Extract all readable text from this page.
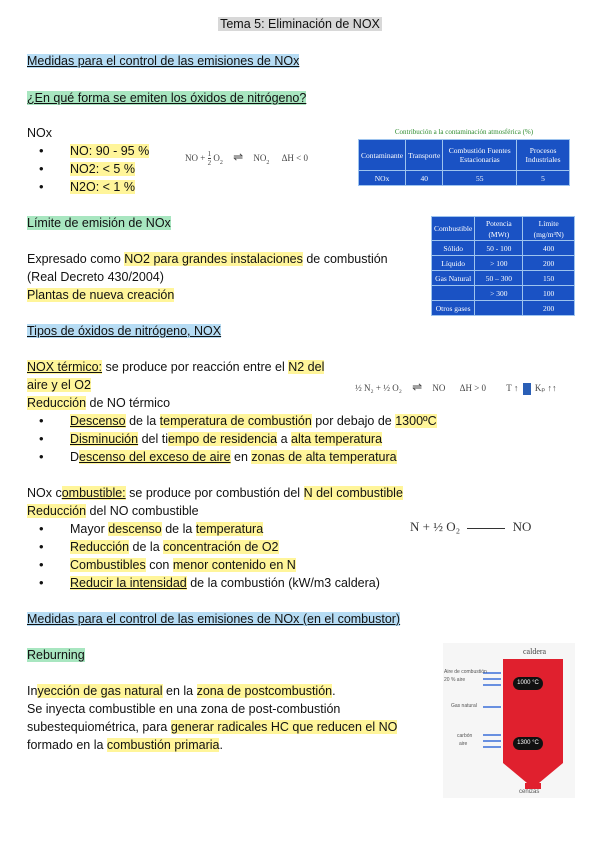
Tema 5: Eliminación de NOX
Medidas para el control de las emisiones de NOx
¿En qué forma se emiten los óxidos de nitrógeno?
NOx
• NO: 90 - 95 %
• NO2: < 5 %
• N2O: < 1 %
NO + $\frac{1}{2} O_2$ ⇌ $NO_2$ ΔH < 0
Contribución a la contaminación atmosférica (%)
Contaminante	Transporte	Combustión Fuentes Estacionarias	Procesos Industriales
NOx	40	55	5
Límite de emisión de NOx
Expresado como NO2 para grandes instalaciones de combustión
(Real Decreto 430/2004)
Plantas de nueva creación
Combustible	Potencia (MWt)	Límite (mg/m³N)
Sólido	50 - 100	400
Líquido	> 100	200
Gas Natural	50 – 300	150
	> 300	100
Otros gases		200
Tipos de óxidos de nitrógeno, NOX
NOX térmico: se produce por reacción entre el N2 del
aire y el O2
Reducción de NO térmico
• Descenso de la temperatura de combustión por debajo de 1300ºC
• Disminución del tiempo de residencia a alta temperatura
• Descenso del exceso de aire en zonas de alta temperatura
½ N₂ + ½ O₂ ⇌ NO ΔH > 0 T ↑ Kₚ ↑↑
NOx combustible: se produce por combustión del N del combustible
Reducción del NO combustible
• Mayor descenso de la temperatura
• Reducción de la concentración de O2
• Combustibles con menor contenido en N
• Reducir la intensidad de la combustión (kW/m3 caldera)
N + ½ O₂	NO
Medidas para el control de las emisiones de NOx (en el combustor)
Reburning
Inyección de gas natural en la zona de postcombustión.
Se inyecta combustible en una zona de post-combustión
subestequiométrica, para generar radicales HC que reducen el NO
formado en la combustión primaria.
caldera
1000 °C
1300 °C
Aire de combustión
20 % aire
Gas natural
carbón
aire
cenizas
